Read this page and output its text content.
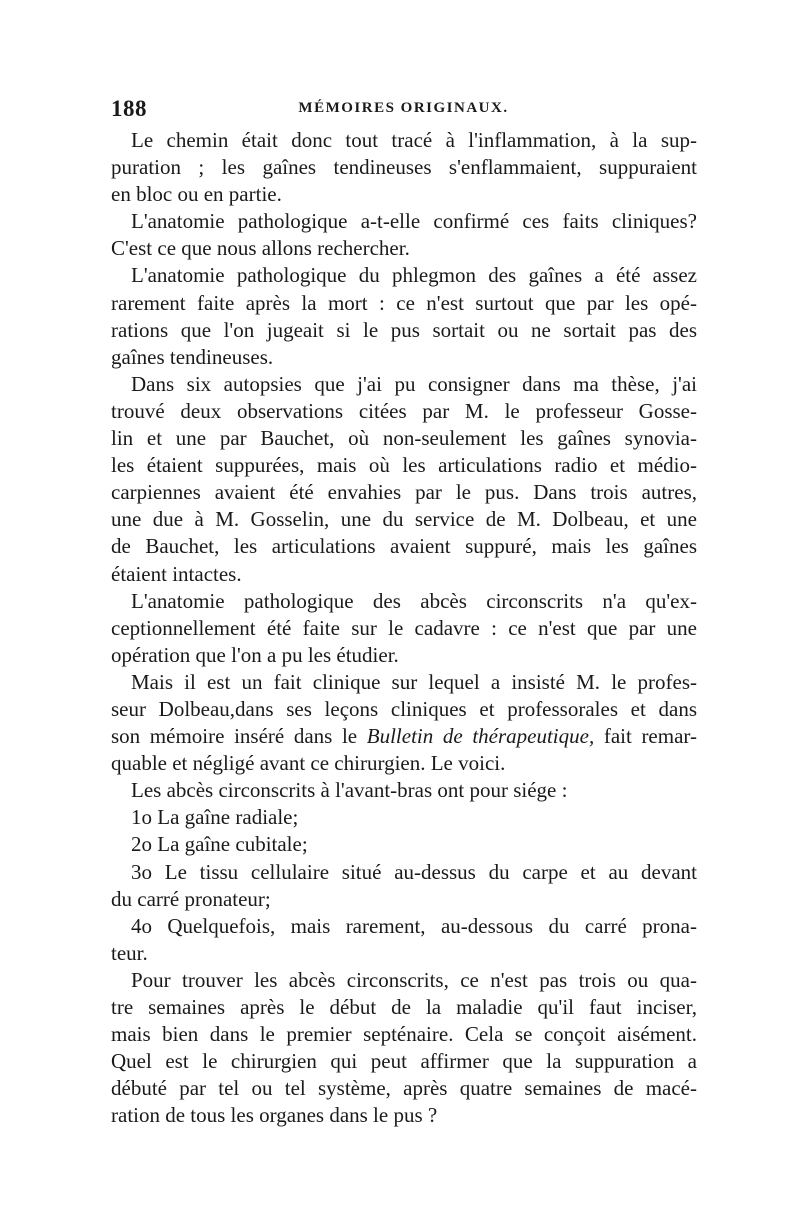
188	MÉMOIRES ORIGINAUX.
Le chemin était donc tout tracé à l'inflammation, à la sup-
puration ; les gaînes tendineuses s'enflammaient, suppuraient
en bloc ou en partie.
L'anatomie pathologique a-t-elle confirmé ces faits cliniques?
C'est ce que nous allons rechercher.
L'anatomie pathologique du phlegmon des gaînes a été assez
rarement faite après la mort : ce n'est surtout que par les opé-
rations que l'on jugeait si le pus sortait ou ne sortait pas des
gaînes tendineuses.
Dans six autopsies que j'ai pu consigner dans ma thèse, j'ai
trouvé deux observations citées par M. le professeur Gosse-
lin et une par Bauchet, où non-seulement les gaînes synovia-
les étaient suppurées, mais où les articulations radio et médio-
carpiennes avaient été envahies par le pus. Dans trois autres,
une due à M. Gosselin, une du service de M. Dolbeau, et une
de Bauchet, les articulations avaient suppuré, mais les gaînes
étaient intactes.
L'anatomie pathologique des abcès circonscrits n'a qu'ex-
ceptionnellement été faite sur le cadavre : ce n'est que par une
opération que l'on a pu les étudier.
Mais il est un fait clinique sur lequel a insisté M. le profes-
seur Dolbeau,dans ses leçons cliniques et professorales et dans
son mémoire inséré dans le Bulletin de thérapeutique, fait remar-
quable et négligé avant ce chirurgien. Le voici.
Les abcès circonscrits à l'avant-bras ont pour siége :
1o La gaîne radiale;
2o La gaîne cubitale;
3o Le tissu cellulaire situé au-dessus du carpe et au devant
du carré pronateur;
4o Quelquefois, mais rarement, au-dessous du carré prona-
teur.
Pour trouver les abcès circonscrits, ce n'est pas trois ou qua-
tre semaines après le début de la maladie qu'il faut inciser,
mais bien dans le premier septénaire. Cela se conçoit aisément.
Quel est le chirurgien qui peut affirmer que la suppuration a
débuté par tel ou tel système, après quatre semaines de macé-
ration de tous les organes dans le pus ?
